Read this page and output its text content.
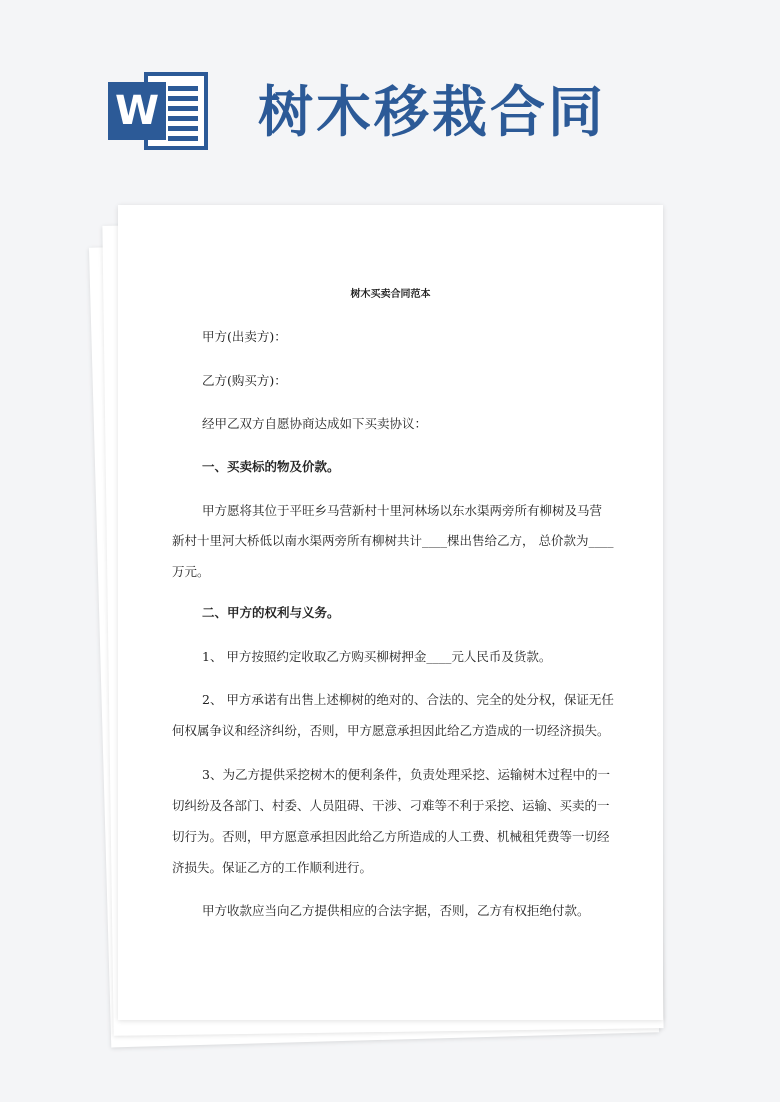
W 树木移栽合同
树木买卖合同范本
甲方(出卖方)：
乙方(购买方)：
经甲乙双方自愿协商达成如下买卖协议：
一、买卖标的物及价款。
甲方愿将其位于平旺乡马营新村十里河林场以东水渠两旁所有柳树及马营
新村十里河大桥低以南水渠两旁所有柳树共计____棵出售给乙方， 总价款为____
万元。
二、甲方的权利与义务。
1、 甲方按照约定收取乙方购买柳树押金____元人民币及货款。
2、 甲方承诺有出售上述柳树的绝对的、合法的、完全的处分权，保证无任
何权属争议和经济纠纷，否则，甲方愿意承担因此给乙方造成的一切经济损失。
3、为乙方提供采挖树木的便利条件，负责处理采挖、运输树木过程中的一
切纠纷及各部门、村委、人员阻碍、干涉、刁难等不利于采挖、运输、买卖的一
切行为。否则，甲方愿意承担因此给乙方所造成的人工费、机械租凭费等一切经
济损失。保证乙方的工作顺利进行。
甲方收款应当向乙方提供相应的合法字据，否则，乙方有权拒绝付款。
